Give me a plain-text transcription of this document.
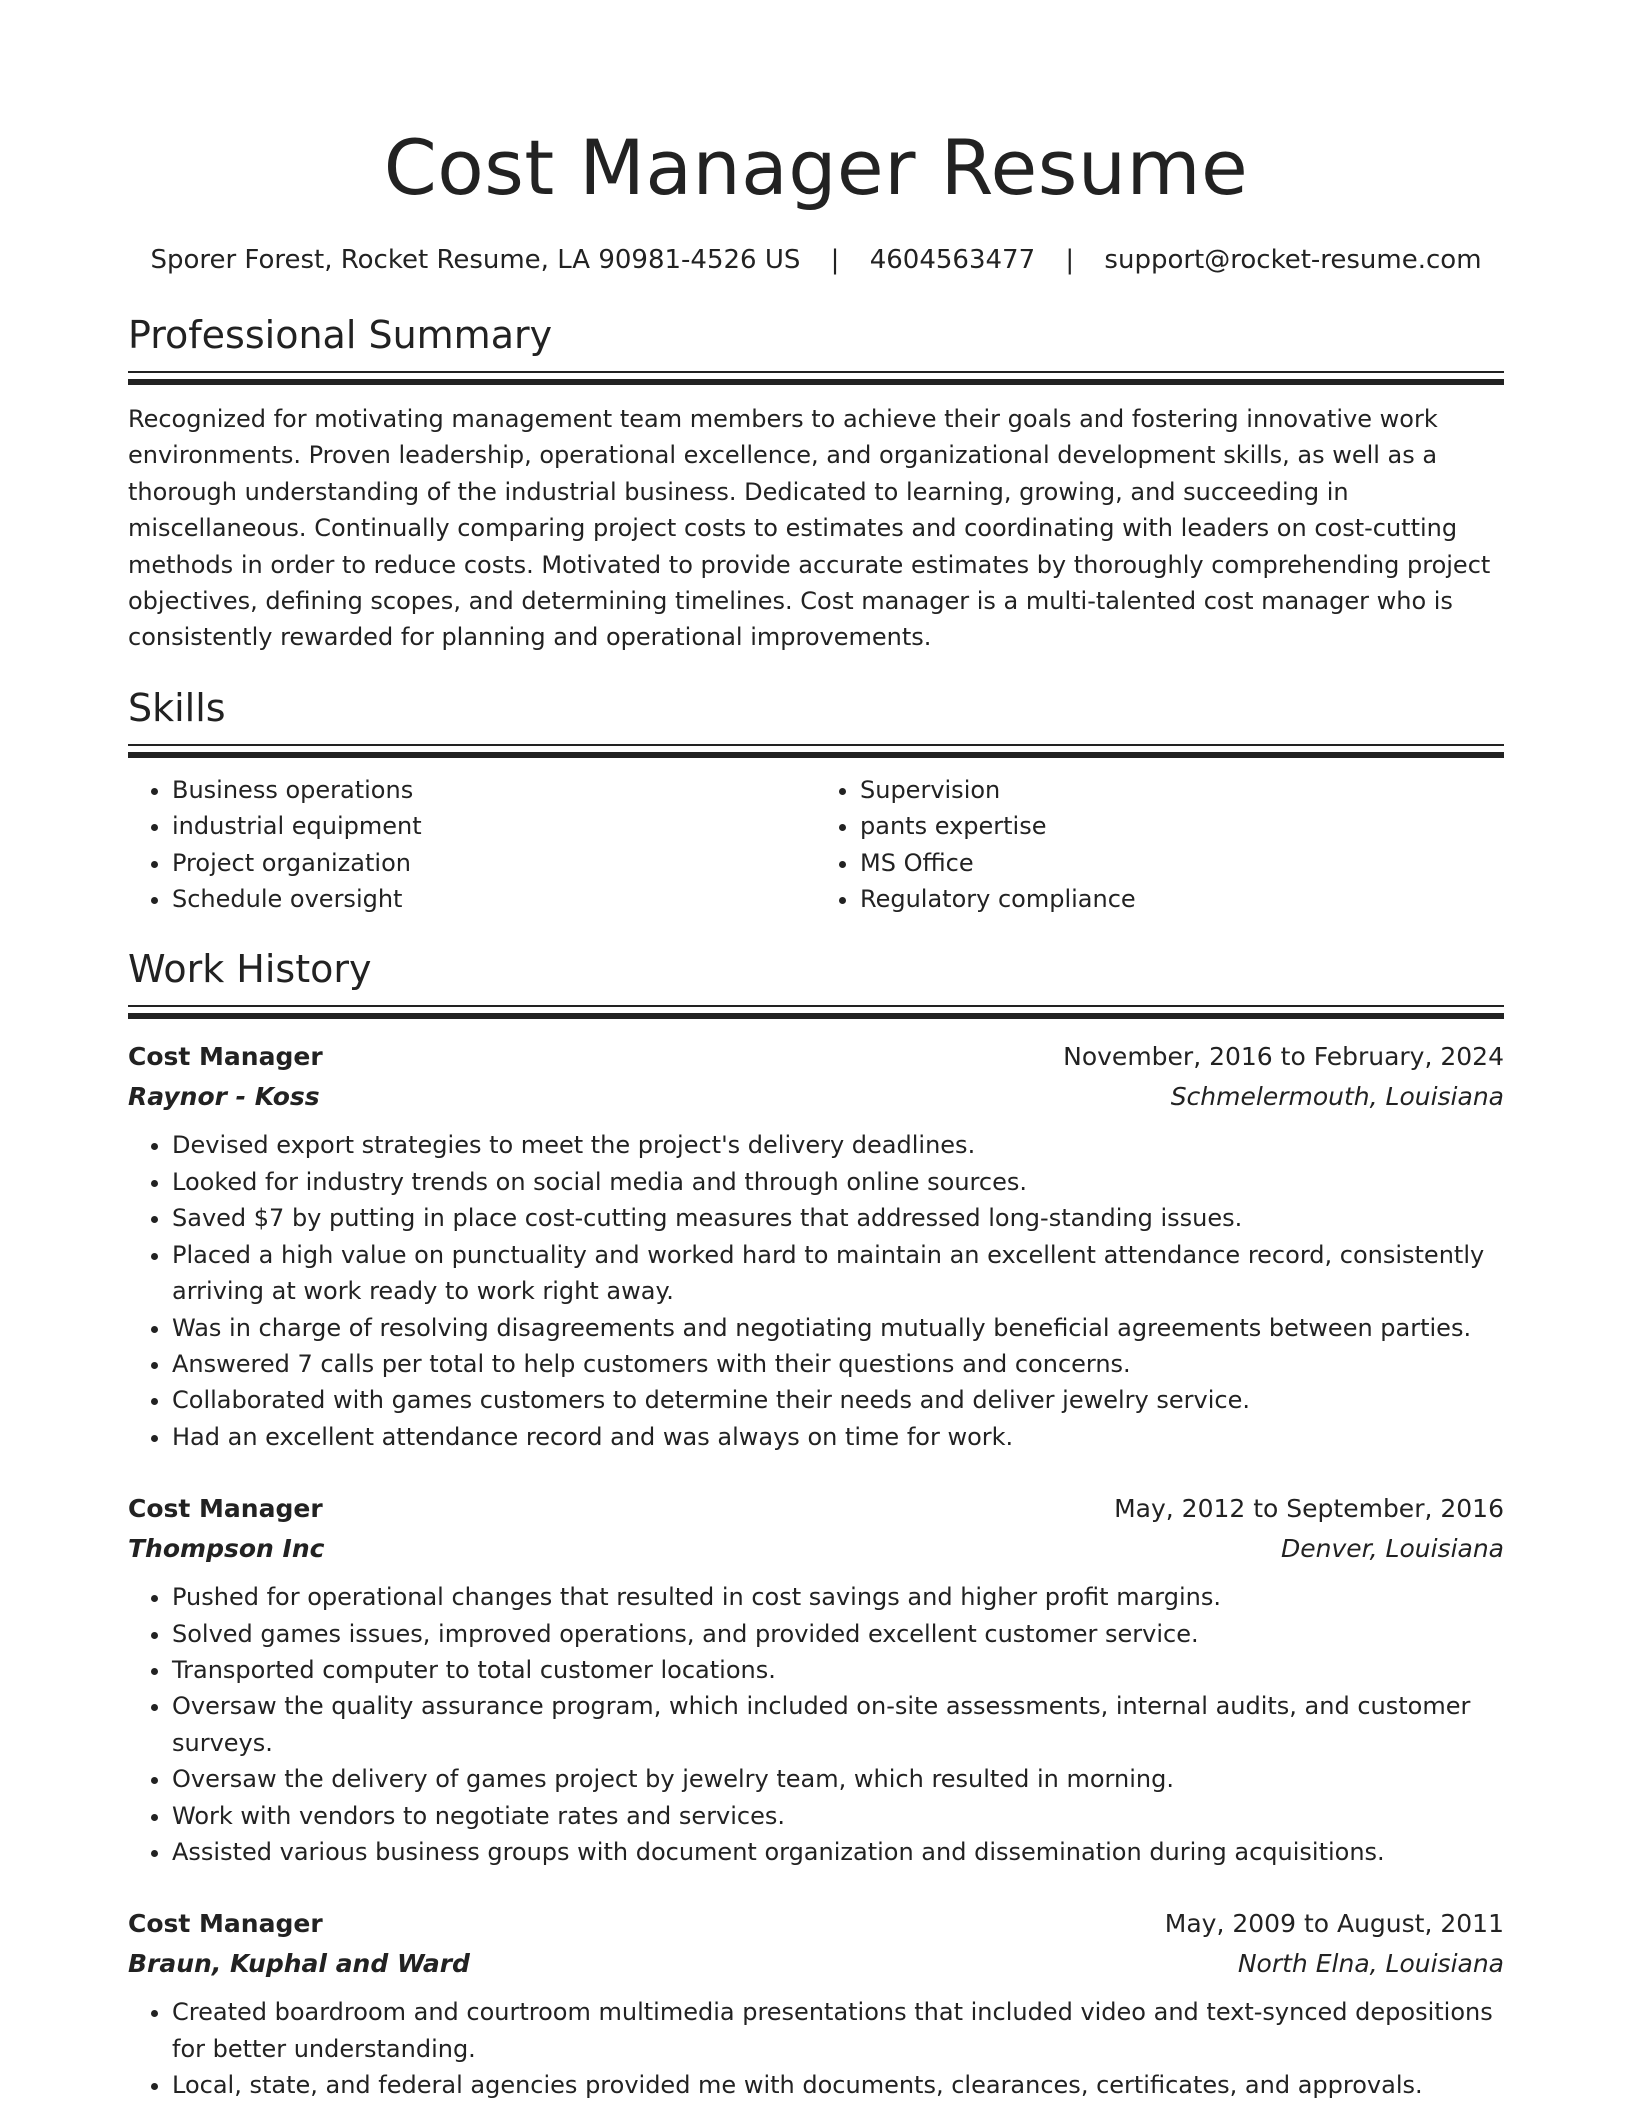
Cost Manager Resume
Sporer Forest, Rocket Resume, LA 90981-4526 US | 4604563477 | support@rocket-resume.com
Professional Summary

Recognized for motivating management team members to achieve their goals and fostering innovative work environments. Proven leadership, operational excellence, and organizational development skills, as well as a thorough understanding of the industrial business. Dedicated to learning, growing, and succeeding in miscellaneous. Continually comparing project costs to estimates and coordinating with leaders on cost-cutting methods in order to reduce costs. Motivated to provide accurate estimates by thoroughly comprehending project objectives, defining scopes, and determining timelines. Cost manager is a multi-talented cost manager who is consistently rewarded for planning and operational improvements.

Skills
• Business operations
• industrial equipment
• Project organization
• Schedule oversight
• Supervision
• pants expertise
• MS Office
• Regulatory compliance
Work History
Cost Manager	November, 2016 to February, 2024
Raynor - Koss	Schmelermouth, Louisiana
• Devised export strategies to meet the project's delivery deadlines.
• Looked for industry trends on social media and through online sources.
• Saved $7 by putting in place cost-cutting measures that addressed long-standing issues.
• Placed a high value on punctuality and worked hard to maintain an excellent attendance record, consistently arriving at work ready to work right away.
• Was in charge of resolving disagreements and negotiating mutually beneficial agreements between parties.
• Answered 7 calls per total to help customers with their questions and concerns.
• Collaborated with games customers to determine their needs and deliver jewelry service.
• Had an excellent attendance record and was always on time for work.
Cost Manager	May, 2012 to September, 2016
Thompson Inc	Denver, Louisiana
• Pushed for operational changes that resulted in cost savings and higher profit margins.
• Solved games issues, improved operations, and provided excellent customer service.
• Transported computer to total customer locations.
• Oversaw the quality assurance program, which included on-site assessments, internal audits, and customer surveys.
• Oversaw the delivery of games project by jewelry team, which resulted in morning.
• Work with vendors to negotiate rates and services.
• Assisted various business groups with document organization and dissemination during acquisitions.
Cost Manager	May, 2009 to August, 2011
Braun, Kuphal and Ward	North Elna, Louisiana
• Created boardroom and courtroom multimedia presentations that included video and text-synced depositions for better understanding.
• Local, state, and federal agencies provided me with documents, clearances, certificates, and approvals.
